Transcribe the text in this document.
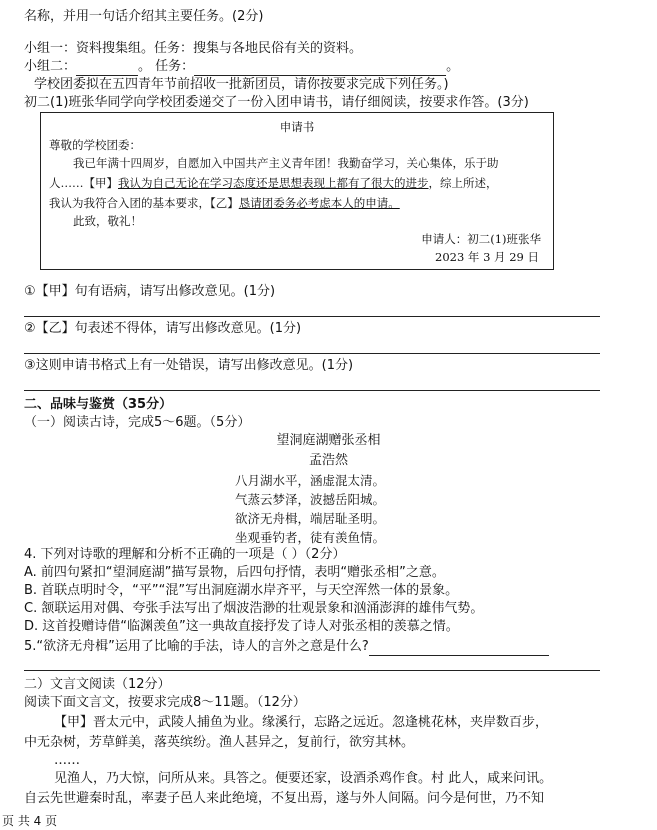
名称，并用一句话介绍其主要任务。(2分)
小组一：资料搜集组。任务：搜集与各地民俗有关的资料。
小组二：	。 任务：	。
学校团委拟在五四青年节前招收一批新团员，请你按要求完成下列任务。)
初二(1)班张华同学向学校团委递交了一份入团申请书，请仔细阅读，按要求作答。(3分)
申请书
尊敬的学校团委：
我已年满十四周岁，自愿加入中国共产主义青年团！我勤奋学习，关心集体，乐于助
人……【甲】我认为自己无论在学习态度还是思想表现上都有了很大的进步，综上所述，
我认为我符合入团的基本要求，【乙】恳请团委务必考虑本人的申请。
此致，敬礼！
申请人：初二(1)班张华
2023 年 3 月 29 日
①【甲】句有语病，请写出修改意见。(1分)
②【乙】句表述不得体，请写出修改意见。(1分)
③这则申请书格式上有一处错误，请写出修改意见。(1分)
二、品味与鉴赏（35分）
（一）阅读古诗，完成5～6题。（5分）
望洞庭湖赠张丞相
孟浩然
八月湖水平，涵虚混太清。
气蒸云梦泽，波撼岳阳城。
欲济无舟楫，端居耻圣明。
坐观垂钓者，徒有羡鱼情。
4. 下列对诗歌的理解和分析不正确的一项是（ ）（2分）
A. 前四句紧扣“望洞庭湖”描写景物，后四句抒情，表明“赠张丞相”之意。
B. 首联点明时令，“平”“混”写出洞庭湖水岸齐平，与天空浑然一体的景象。
C. 颔联运用对偶、夸张手法写出了烟波浩渺的壮观景象和汹涌澎湃的雄伟气势。
D. 这首投赠诗借“临渊羡鱼”这一典故直接抒发了诗人对张丞相的羡慕之情。
5.“欲济无舟楫”运用了比喻的手法，诗人的言外之意是什么?
二）文言文阅读（12分）
阅读下面文言文，按要求完成8～11题。（12分）
【甲】晋太元中，武陵人捕鱼为业。缘溪行，忘路之远近。忽逢桃花林，夹岸数百步，
中无杂树，芳草鲜美，落英缤纷。渔人甚异之，复前行，欲穷其林。
……
见渔人，乃大惊，问所从来。具答之。便要还家，设酒杀鸡作食。村 此人，咸来问讯。
自云先世避秦时乱，率妻子邑人来此绝境，不复出焉，遂与外人间隔。问今是何世，乃不知
页 共 4 页
